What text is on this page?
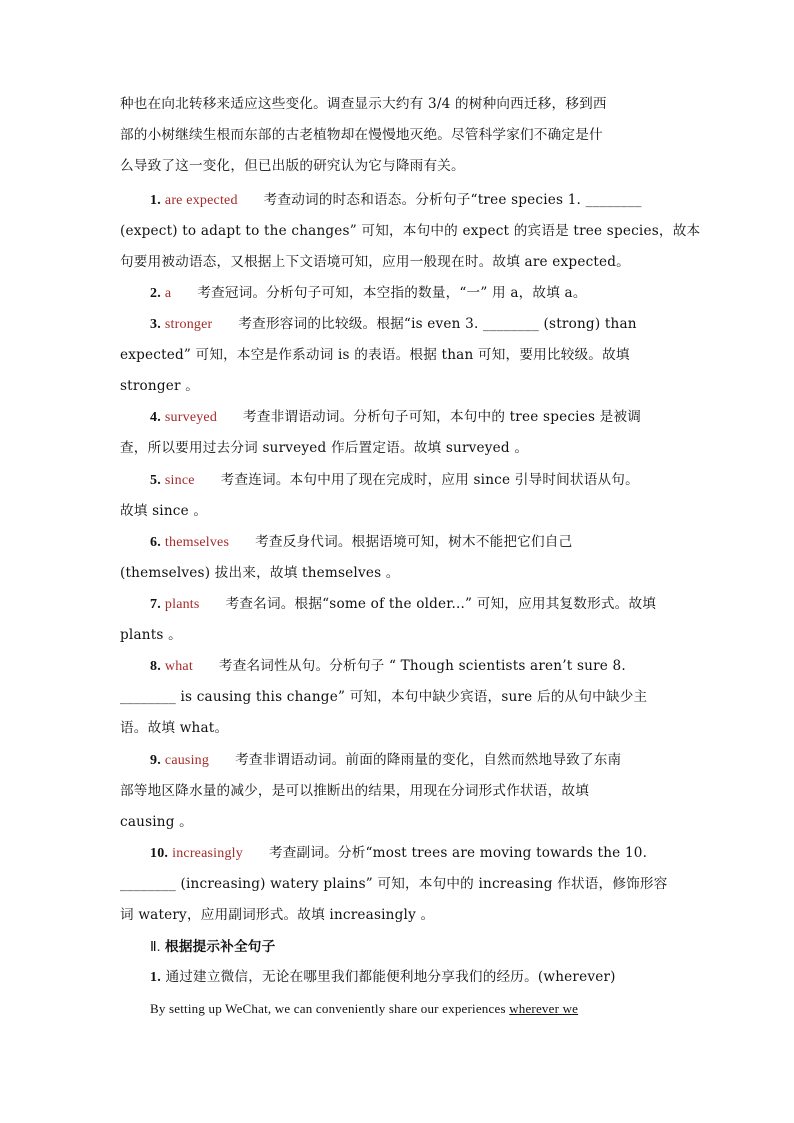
种也在向北转移来适应这些变化。调查显示大约有 3/4 的树种向西迁移，移到西
部的小树继续生根而东部的古老植物却在慢慢地灭绝。尽管科学家们不确定是什
么导致了这一变化，但已出版的研究认为它与降雨有关。
1. are expected 考查动词的时态和语态。分析句子“tree species 1. ________
(expect) to adapt to the changes” 可知，本句中的 expect 的宾语是 tree species，故本
句要用被动语态，又根据上下文语境可知，应用一般现在时。故填 are expected。
2. a 考查冠词。分析句子可知，本空指的数量，“一” 用 a，故填 a。
3. stronger 考查形容词的比较级。根据“is even 3. ________ (strong) than
expected” 可知，本空是作系动词 is 的表语。根据 than 可知，要用比较级。故填
stronger 。
4. surveyed 考查非谓语动词。分析句子可知，本句中的 tree species 是被调
查，所以要用过去分词 surveyed 作后置定语。故填 surveyed 。
5. since 考查连词。本句中用了现在完成时，应用 since 引导时间状语从句。
故填 since 。
6. themselves 考查反身代词。根据语境可知，树木不能把它们自己
(themselves) 拔出来，故填 themselves 。
7. plants 考查名词。根据“some of the older...” 可知，应用其复数形式。故填
plants 。
8. what 考查名词性从句。分析句子 “ Though scientists aren’t sure 8.
________ is causing this change” 可知，本句中缺少宾语，sure 后的从句中缺少主
语。故填 what。
9. causing 考查非谓语动词。前面的降雨量的变化，自然而然地导致了东南
部等地区降水量的减少，是可以推断出的结果，用现在分词形式作状语，故填
causing 。
10. increasingly 考查副词。分析“most trees are moving towards the 10.
________ (increasing) watery plains” 可知，本句中的 increasing 作状语，修饰形容
词 watery，应用副词形式。故填 increasingly 。
Ⅱ. 根据提示补全句子
1. 通过建立微信，无论在哪里我们都能便利地分享我们的经历。(wherever)
By setting up WeChat, we can conveniently share our experiences wherever we
